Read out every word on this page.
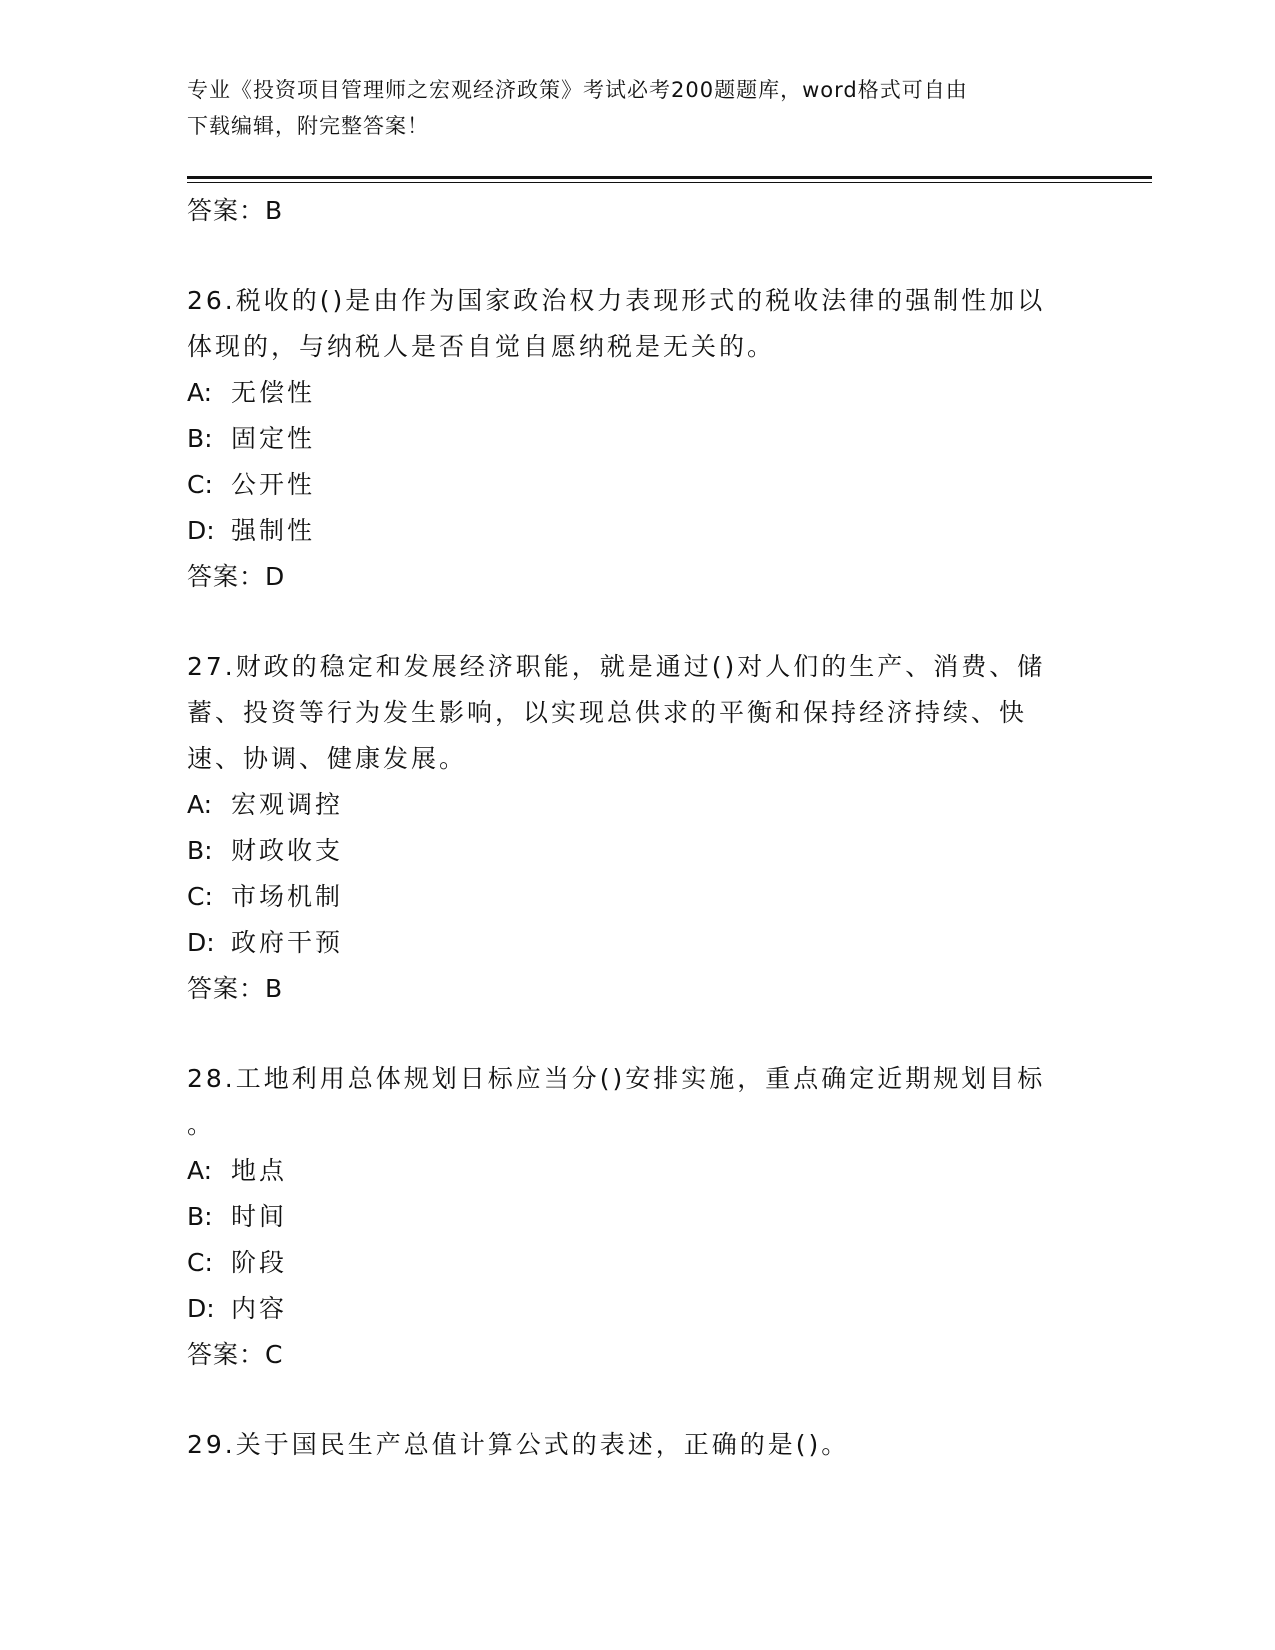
专业《投资项目管理师之宏观经济政策》考试必考200题题库，word格式可自由
下载编辑，附完整答案！
答案：B
26.税收的()是由作为国家政治权力表现形式的税收法律的强制性加以
体现的，与纳税人是否自觉自愿纳税是无关的。
A: 无偿性
B: 固定性
C: 公开性
D: 强制性
答案：D
27.财政的稳定和发展经济职能，就是通过()对人们的生产、消费、储
蓄、投资等行为发生影响，以实现总供求的平衡和保持经济持续、快
速、协调、健康发展。
A: 宏观调控
B: 财政收支
C: 市场机制
D: 政府干预
答案：B
28.工地利用总体规划日标应当分()安排实施，重点确定近期规划目标
。
A: 地点
B: 时间
C: 阶段
D: 内容
答案：C
29.关于国民生产总值计算公式的表述，正确的是()。
